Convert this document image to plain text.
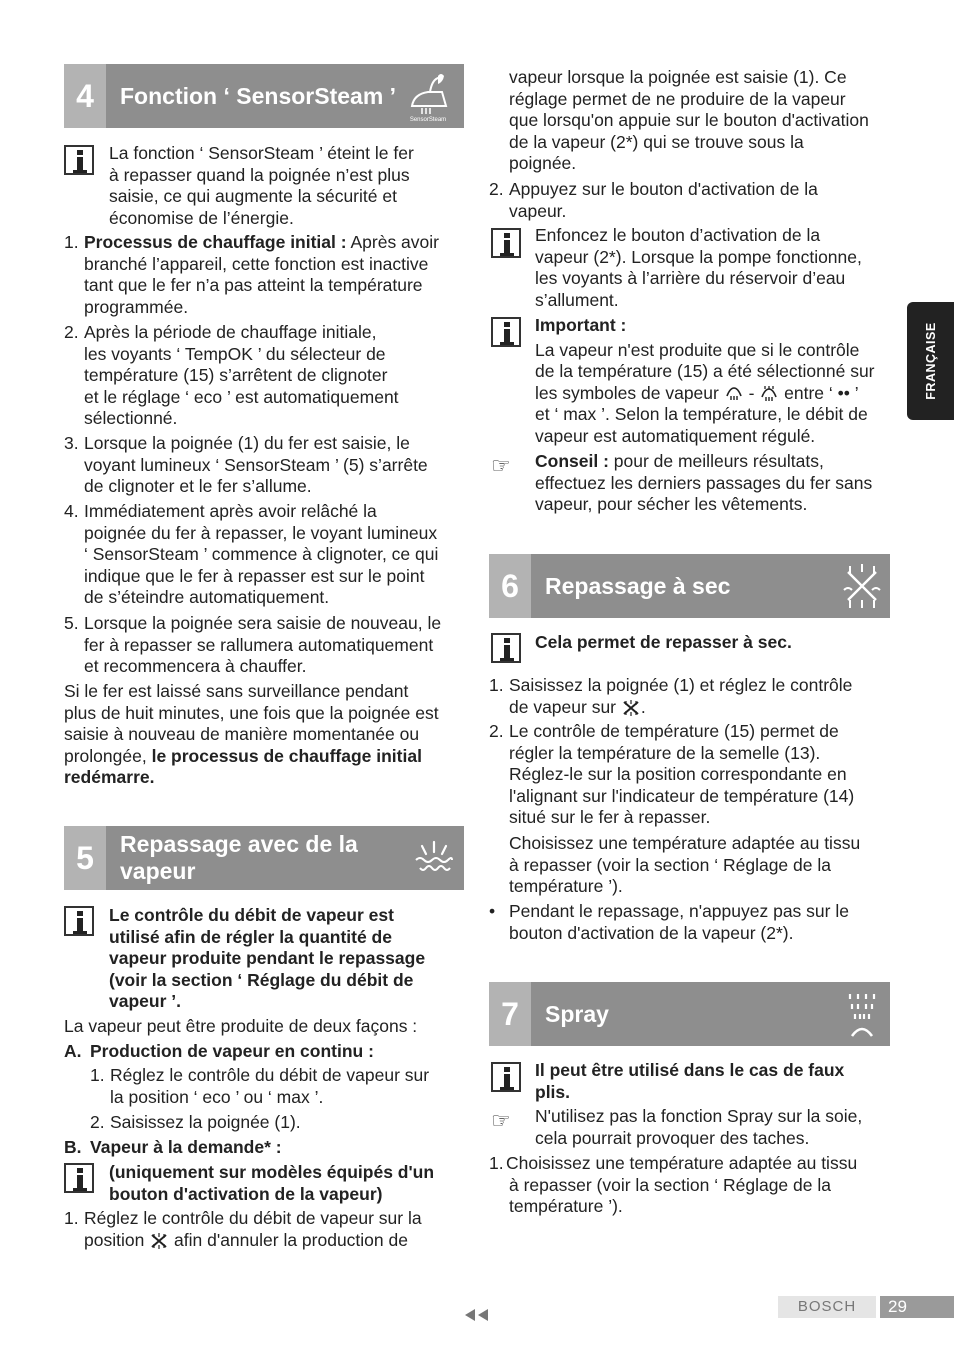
4	Fonction ‘ SensorSteam ’
SensorSteam
La fonction ‘ SensorSteam ’ éteint le fer
à repasser quand la poignée n’est plus
saisie, ce qui augmente la sécurité et
économise de l’énergie.
1. Processus de chauffage initial : Après avoir
branché l’appareil, cette fonction est inactive
tant que le fer n’a pas atteint la température
programmée.
2. Après la période de chauffage initiale,
les voyants ‘ TempOK ’ du sélecteur de
température (15) s’arrêtent de clignoter
et le réglage ‘ eco ’ est automatiquement
sélectionné.
3. Lorsque la poignée (1) du fer est saisie, le
voyant lumineux ‘ SensorSteam ’ (5) s’arrête
de clignoter et le fer s’allume.
4. Immédiatement après avoir relâché la
poignée du fer à repasser, le voyant lumineux
‘ SensorSteam ’ commence à clignoter, ce qui
indique que le fer à repasser est sur le point
de s’éteindre automatiquement.
5. Lorsque la poignée sera saisie de nouveau, le
fer à repasser se rallumera automatiquement
et recommencera à chauffer.
Si le fer est laissé sans surveillance pendant
plus de huit minutes, une fois que la poignée est
saisie à nouveau de manière momentanée ou
prolongée, le processus de chauffage initial
redémarre.
5	Repassage avec de la
vapeur
Le contrôle du débit de vapeur est
utilisé afin de régler la quantité de
vapeur produite pendant le repassage
(voir la section ‘ Réglage du débit de
vapeur ’.
La vapeur peut être produite de deux façons :
A. Production de vapeur en continu :
1. Réglez le contrôle du débit de vapeur sur
la position ‘ eco ’ ou ‘ max ’.
2. Saisissez la poignée (1).
B. Vapeur à la demande* :
(uniquement sur modèles équipés d'un
bouton d'activation de la vapeur)
1. Réglez le contrôle du débit de vapeur sur la
position  afin d'annuler la production de
vapeur lorsque la poignée est saisie (1). Ce
réglage permet de ne produire de la vapeur
que lorsqu'on appuie sur le bouton d'activation
de la vapeur (2*) qui se trouve sous la
poignée.
2. Appuyez sur le bouton d'activation de la
vapeur.
Enfoncez le bouton d’activation de la
vapeur (2*). Lorsque la pompe fonctionne,
les voyants à l’arrière du réservoir d’eau
s’allument.
Important :
La vapeur n'est produite que si le contrôle
de la température (15) a été sélectionné sur
les symboles de vapeur  -  entre ‘ •• ’
et ‘ max ’. Selon la température, le débit de
vapeur est automatiquement régulé.
☞ Conseil : pour de meilleurs résultats,
effectuez les derniers passages du fer sans
vapeur, pour sécher les vêtements.
6	Repassage à sec
Cela permet de repasser à sec.
1. Saisissez la poignée (1) et réglez le contrôle
de vapeur sur .
2. Le contrôle de température (15) permet de
régler la température de la semelle (13).
Réglez-le sur la position correspondante en
l'alignant sur l'indicateur de température (14)
situé sur le fer à repasser.
Choisissez une température adaptée au tissu
à repasser (voir la section ‘ Réglage de la
température ’).
• Pendant le repassage, n'appuyez pas sur le
bouton d'activation de la vapeur (2*).
7	Spray
Il peut être utilisé dans le cas de faux
plis.
☞ N'utilisez pas la fonction Spray sur la soie,
cela pourrait provoquer des taches.
1. Choisissez une température adaptée au tissu
à repasser (voir la section ‘ Réglage de la
température ’).
FRANÇAISE
BOSCH	29
